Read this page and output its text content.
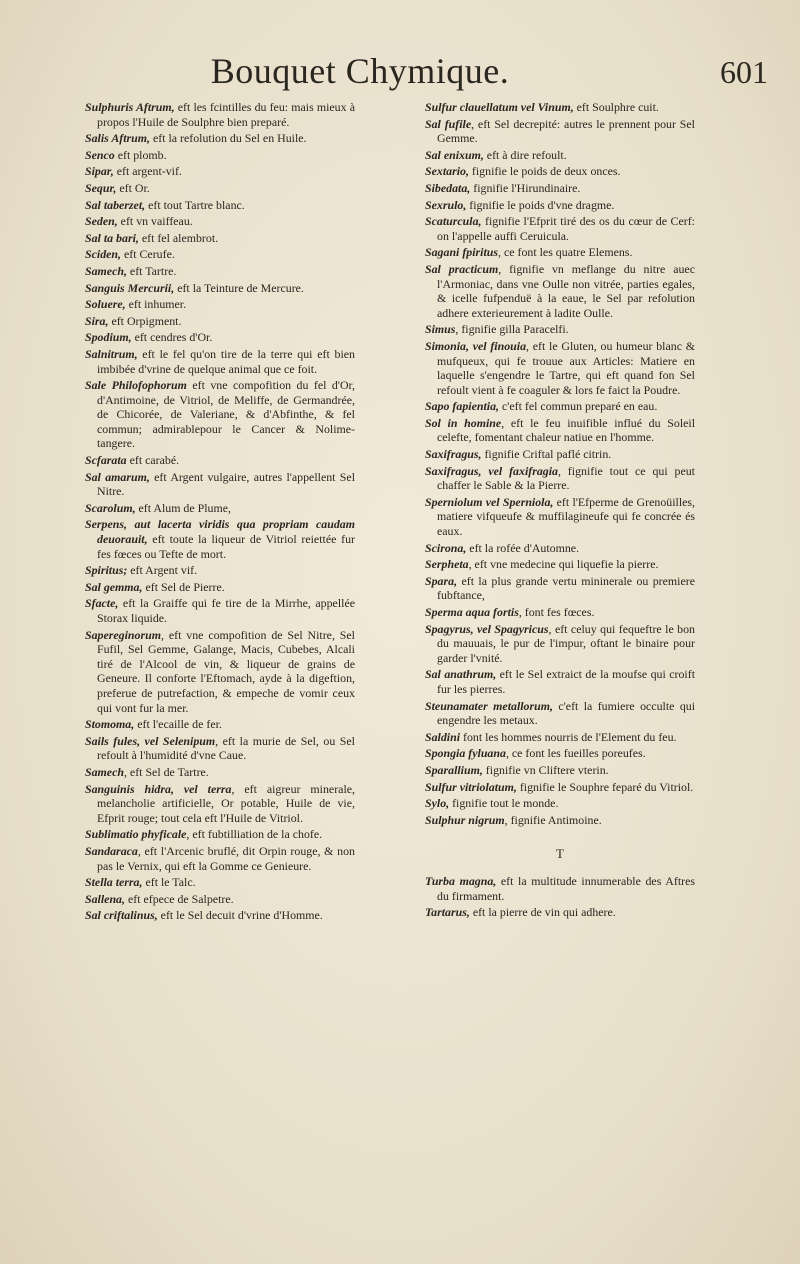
Bouquet Chymique.	601
Sulphuris Aftrum, eft les fcintilles du feu: mais mieux à propos l'Huile de Soulphre bien preparé.
Salis Aftrum, eft la refolution du Sel en Huile.
Senco eft plomb.
Sipar, eft argent-vif.
Sequr, eft Or.
Sal taberzet, eft tout Tartre blanc.
Seden, eft vn vaiffeau.
Sal ta bari, eft fel alembrot.
Sciden, eft Cerufe.
Samech, eft Tartre.
Sanguis Mercurii, eft la Teinture de Mercure.
Soluere, eft inhumer.
Sira, eft Orpigment.
Spodium, eft cendres d'Or.
Salnitrum, eft le fel qu'on tire de la terre qui eft bien imbibée d'vrine de quelque animal que ce foit.
Sale Philofophorum eft vne compofition du fel d'Or, d'Antimoine, de Vitriol, de Meliffe, de Germandrée, de Chicorée, de Valeriane, & d'Abfinthe, & fel commun; admirablepour le Cancer & Nolime-tangere.
Scfarata eft carabé.
Sal amarum, eft Argent vulgaire, autres l'appellent Sel Nitre.
Scarolum, eft Alum de Plume,
Serpens, aut lacerta viridis qua propriam caudam deuorauit, eft toute la liqueur de Vitriol reiettée fur fes fœces ou Tefte de mort.
Spiritus; eft Argent vif.
Sal gemma, eft Sel de Pierre.
Sfacte, eft la Graiffe qui fe tire de la Mirrhe, appellée Storax liquide.
Sapereginorum, eft vne compofition de Sel Nitre, Sel Fufil, Sel Gemme, Galange, Macis, Cubebes, Alcali tiré de l'Alcool de vin, & liqueur de grains de Geneure. Il conforte l'Eftomach, ayde à la digeftion, preferue de putrefaction, & empeche de vomir ceux qui vont fur la mer.
Stomoma, eft l'ecaille de fer.
Sails fules, vel Selenipum, eft la murie de Sel, ou Sel refoult à l'humidité d'vne Caue.
Samech, eft Sel de Tartre.
Sanguinis hidra, vel terra, eft aigreur minerale, melancholie artificielle, Or potable, Huile de vie, Efprit rouge; tout cela eft l'Huile de Vitriol.
Sublimatio phyficale, eft fubtilliation de la chofe.
Sandaraca, eft l'Arcenic bruflé, dit Orpin rouge, & non pas le Vernix, qui eft la Gomme ce Genieure.
Stella terra, eft le Talc.
Sallena, eft efpece de Salpetre.
Sal criftalinus, eft le Sel decuit d'vrine d'Homme.
Sulfur clauellatum vel Vinum, eft Soulphre cuit.
Sal fufile, eft Sel decrepité: autres le prennent pour Sel Gemme.
Sal enixum, eft à dire refoult.
Sextario, fignifie le poids de deux onces.
Sibedata, fignifie l'Hirundinaire.
Sexrulo, fignifie le poids d'vne dragme.
Scaturcula, fignifie l'Efprit tiré des os du cœur de Cerf: on l'appelle auffi Ceruicula.
Sagani fpiritus, ce font les quatre Elemens.
Sal practicum, fignifie vn meflange du nitre auec l'Armoniac, dans vne Oulle non vitrée, parties egales, & icelle fufpenduë à la eaue, le Sel par refolution adhere exterieurement à ladite Oulle.
Simus, fignifie gilla Paracelfi.
Simonia, vel finouia, eft le Gluten, ou humeur blanc & mufqueux, qui fe trouue aux Articles: Matiere en laquelle s'engendre le Tartre, qui eft quand fon Sel refoult vient à fe coaguler & lors fe faict la Poudre.
Sapo fapientia, c'eft fel commun preparé en eau.
Sol in homine, eft le feu inuifible influé du Soleil celefte, fomentant chaleur natiue en l'homme.
Saxifragus, fignifie Criftal paflé citrin.
Saxifragus, vel faxifragia, fignifie tout ce qui peut chaffer le Sable & la Pierre.
Sperniolum vel Sperniola, eft l'Efperme de Grenoüilles, matiere vifqueufe & muffilagineufe qui fe concrée és eaux.
Scirona, eft la rofée d'Automne.
Serpheta, eft vne medecine qui liquefie la pierre.
Spara, eft la plus grande vertu mininerale ou premiere fubftance,
Sperma aqua fortis, font fes fœces.
Spagyrus, vel Spagyricus, eft celuy qui fequeftre le bon du mauuais, le pur de l'impur, oftant le binaire pour garder l'vnité.
Sal anathrum, eft le Sel extraict de la moufse qui croift fur les pierres.
Steunamater metallorum, c'eft la fumiere occulte qui engendre les metaux.
Saldini font les hommes nourris de l'Element du feu.
Spongia fyluana, ce font les fueilles poreufes.
Sparallium, fignifie vn Cliftere vterin.
Sulfur vitriolatum, fignifie le Souphre feparé du Vitriol.
Sylo, fignifie tout le monde.
Sulphur nigrum, fignifie Antimoine.
T
Turba magna, eft la multitude innumerable des Aftres du firmament.
Tartarus, eft la pierre de vin qui adhere.
